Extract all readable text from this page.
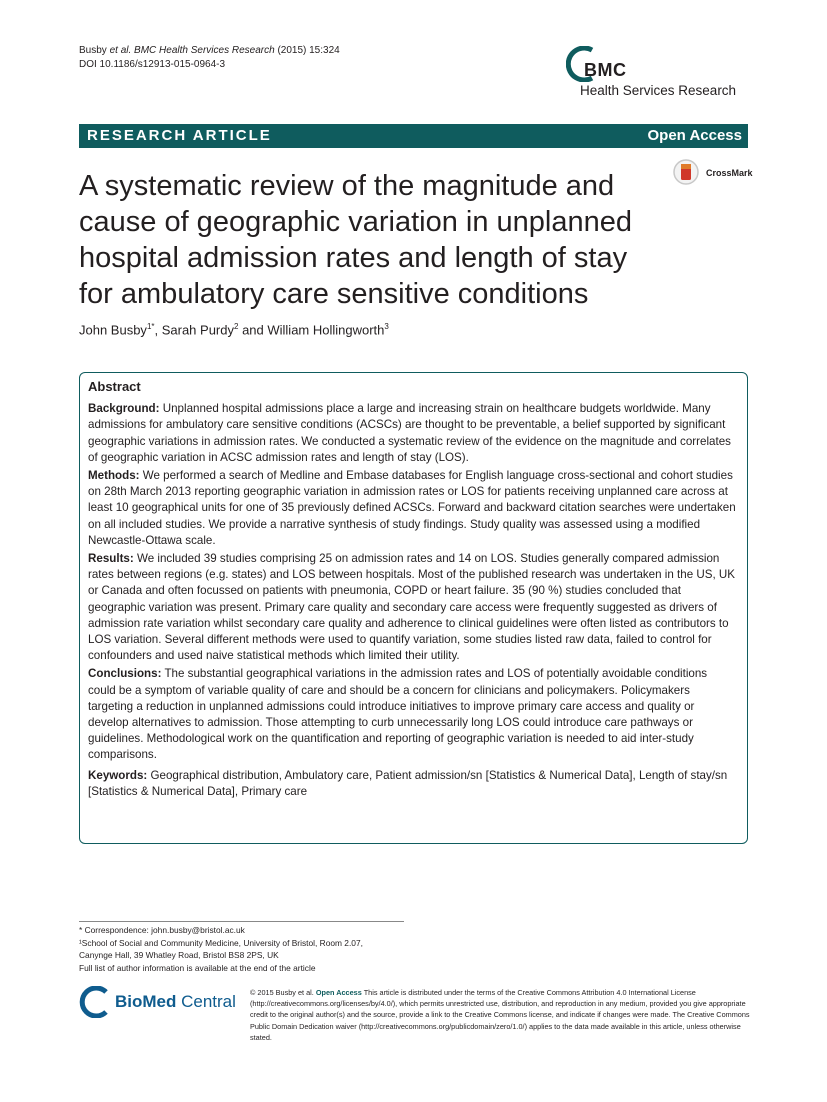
Busby et al. BMC Health Services Research (2015) 15:324
DOI 10.1186/s12913-015-0964-3	BMC
Health Services Research
RESEARCH ARTICLE	Open Access
CrossMark
A systematic review of the magnitude and
cause of geographic variation in unplanned
hospital admission rates and length of stay
for ambulatory care sensitive conditions
John Busby$^{1*}$, Sarah Purdy$^2$ and William Hollingworth$^3$
Abstract

Background: Unplanned hospital admissions place a large and increasing strain on healthcare budgets worldwide. Many admissions for ambulatory care sensitive conditions (ACSCs) are thought to be preventable, a belief supported by significant geographic variations in admission rates. We conducted a systematic review of the evidence on the magnitude and correlates of geographic variation in ACSC admission rates and length of stay (LOS).

Methods: We performed a search of Medline and Embase databases for English language cross-sectional and cohort studies on 28th March 2013 reporting geographic variation in admission rates or LOS for patients receiving unplanned care across at least 10 geographical units for one of 35 previously defined ACSCs. Forward and backward citation searches were undertaken on all included studies. We provide a narrative synthesis of study findings. Study quality was assessed using a modified Newcastle-Ottawa scale.

Results: We included 39 studies comprising 25 on admission rates and 14 on LOS. Studies generally compared admission rates between regions (e.g. states) and LOS between hospitals. Most of the published research was undertaken in the US, UK or Canada and often focussed on patients with pneumonia, COPD or heart failure. 35 (90 %) studies concluded that geographic variation was present. Primary care quality and secondary care access were frequently suggested as drivers of admission rate variation whilst secondary care quality and adherence to clinical guidelines were often listed as contributors to LOS variation. Several different methods were used to quantify variation, some studies listed raw data, failed to control for confounders and used naive statistical methods which limited their utility.

Conclusions: The substantial geographical variations in the admission rates and LOS of potentially avoidable conditions could be a symptom of variable quality of care and should be a concern for clinicians and policymakers. Policymakers targeting a reduction in unplanned admissions could introduce initiatives to improve primary care access and quality or develop alternatives to admission. Those attempting to curb unnecessarily long LOS could introduce care pathways or guidelines. Methodological work on the quantification and reporting of geographic variation is needed to aid inter-study comparisons.

Keywords: Geographical distribution, Ambulatory care, Patient admission/sn [Statistics & Numerical Data], Length of stay/sn [Statistics & Numerical Data], Primary care

* Correspondence: john.busby@bristol.ac.uk
¹School of Social and Community Medicine, University of Bristol, Room 2.07,
Canynge Hall, 39 Whatley Road, Bristol BS8 2PS, UK
Full list of author information is available at the end of the article
BioMed Central © 2015 Busby et al. Open Access This article is distributed under the terms of the Creative Commons Attribution 4.0 International License (http://creativecommons.org/licenses/by/4.0/), which permits unrestricted use, distribution, and reproduction in any medium, provided you give appropriate credit to the original author(s) and the source, provide a link to the Creative Commons license, and indicate if changes were made. The Creative Commons Public Domain Dedication waiver (http://creativecommons.org/publicdomain/zero/1.0/) applies to the data made available in this article, unless otherwise stated.
